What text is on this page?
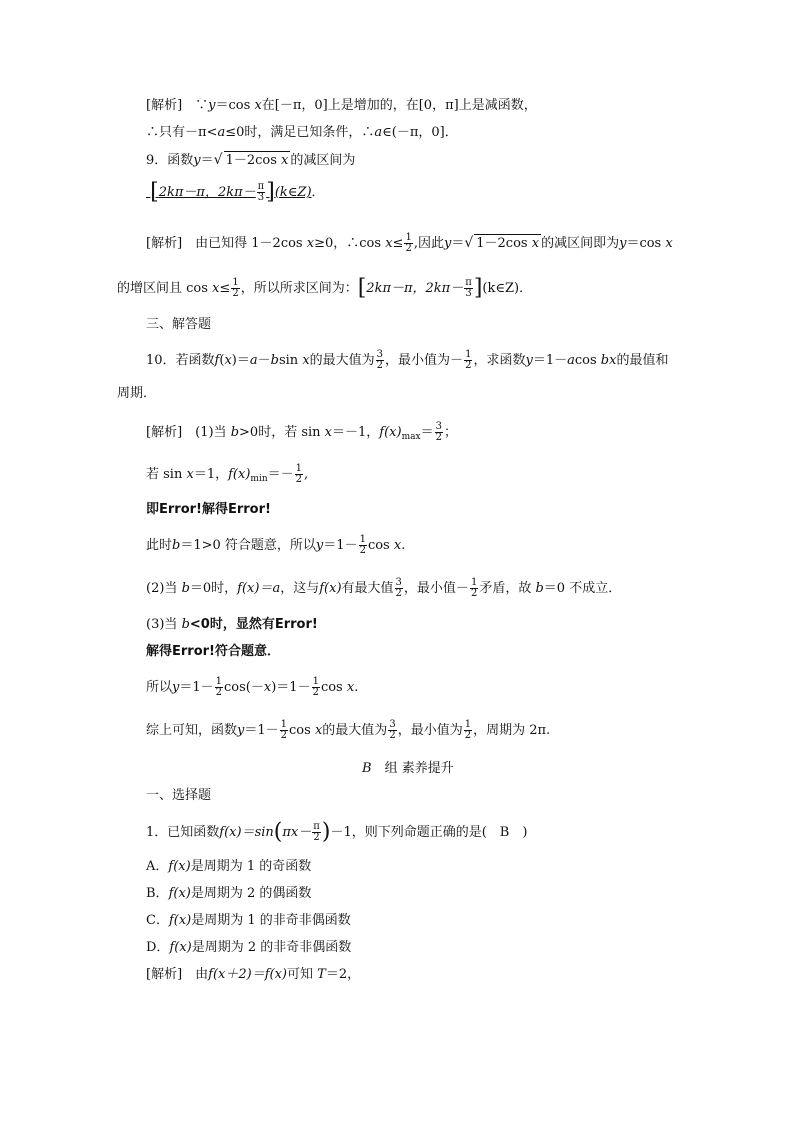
[解析]　∵y＝cos x在[－π，0]上是增加的，在[0，π]上是减函数，
∴只有－π<a≤0时，满足已知条件，∴a∈(－π，0]．
9．函数y＝√ 1－2cos x 的减区间为
[2kπ－π，$2k\pi- \frac{\pi}{3}$ ](k∈Z)．
[解析]　由已知得 1－2cos x≥0，∴cos $x\le \frac{1}{2}$ ,因此y＝√ 1－2cos x 的减区间即为y＝cos x
的增区间且 $\cos x\le \frac{1}{2}$ ，所以所求区间为：[2kπ－π，$2k\pi- \frac{\pi}{3}$ ](k∈Z)．
三、解答题
10．若函数f(x)＝a－bsin x的最大值为 $\frac{3}{2}$ ，最小值为－ $\frac{1}{2}$ ，求函数y＝1－acos bx的最值和
周期．
[解析]　(1)当 b>0时，若 sin x＝－1，$f(x)_{max}= \frac{3}{2}$ ；
若 sin x＝1，$f(x)_{min}=- \frac{1}{2}$ ,
即Error!解得Error!
此时b＝1>0 符合题意，所以$y=1- \frac{1}{2}$ cos x.
(2)当 b＝0时，f(x)＝a，这与f(x)有最大值 $\frac{3}{2}$ ，最小值－ $\frac{1}{2}$ 矛盾，故 b＝0 不成立．
(3)当 b<0时，显然有Error!
解得Error!符合题意．
所以$y=1- \frac{1}{2} \cos(-x)=1- \frac{1}{2}$ cos x.
综上可知，函数$y=1- \frac{1}{2}$ cos x的最大值为 $\frac{3}{2}$ ，最小值为 $\frac{1}{2}$ ，周期为 2π.
B　组 素养提升
一、选择题
1．已知函数$f(x)=\sin(\pi x- \frac{\pi}{2} )-1$，则下列命题正确的是(　B　)
A．f(x)是周期为 1 的奇函数
B．f(x)是周期为 2 的偶函数
C．f(x)是周期为 1 的非奇非偶函数
D．f(x)是周期为 2 的非奇非偶函数
[解析]　由f(x＋2)＝f(x)可知 T＝2，
